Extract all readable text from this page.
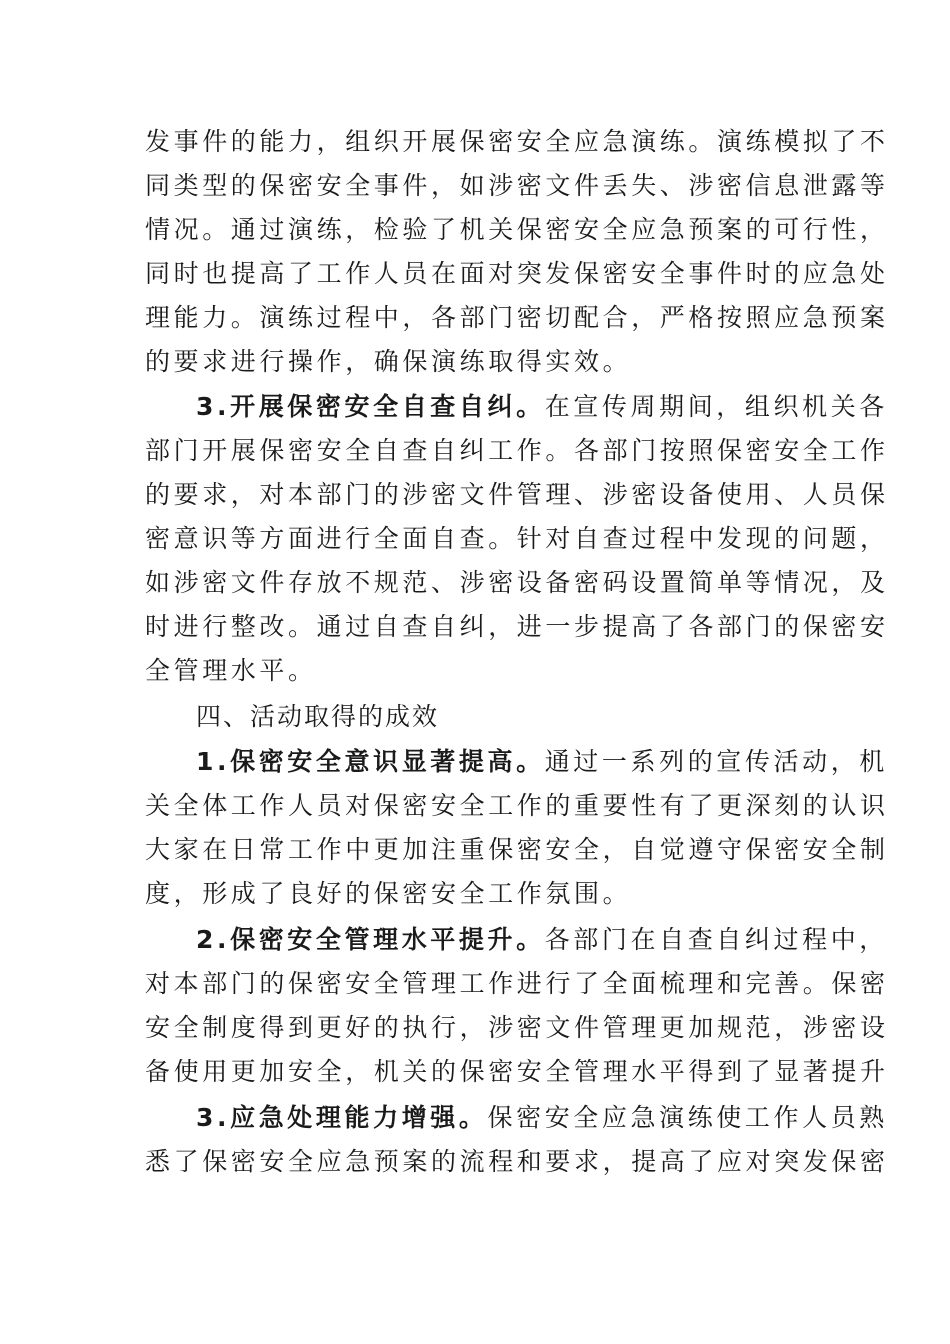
发事件的能力，组织开展保密安全应急演练。演练模拟了不
同类型的保密安全事件，如涉密文件丢失、涉密信息泄露等
情况。通过演练，检验了机关保密安全应急预案的可行性，
同时也提高了工作人员在面对突发保密安全事件时的应急处
理能力。演练过程中，各部门密切配合，严格按照应急预案
的要求进行操作，确保演练取得实效。
3.开展保密安全自查自纠。在宣传周期间，组织机关各
部门开展保密安全自查自纠工作。各部门按照保密安全工作
的要求，对本部门的涉密文件管理、涉密设备使用、人员保
密意识等方面进行全面自查。针对自查过程中发现的问题，
如涉密文件存放不规范、涉密设备密码设置简单等情况，及
时进行整改。通过自查自纠，进一步提高了各部门的保密安
全管理水平。
四、活动取得的成效
1.保密安全意识显著提高。通过一系列的宣传活动，机
关全体工作人员对保密安全工作的重要性有了更深刻的认识
大家在日常工作中更加注重保密安全，自觉遵守保密安全制
度，形成了良好的保密安全工作氛围。
2.保密安全管理水平提升。各部门在自查自纠过程中，
对本部门的保密安全管理工作进行了全面梳理和完善。保密
安全制度得到更好的执行，涉密文件管理更加规范，涉密设
备使用更加安全，机关的保密安全管理水平得到了显著提升
3.应急处理能力增强。保密安全应急演练使工作人员熟
悉了保密安全应急预案的流程和要求，提高了应对突发保密
